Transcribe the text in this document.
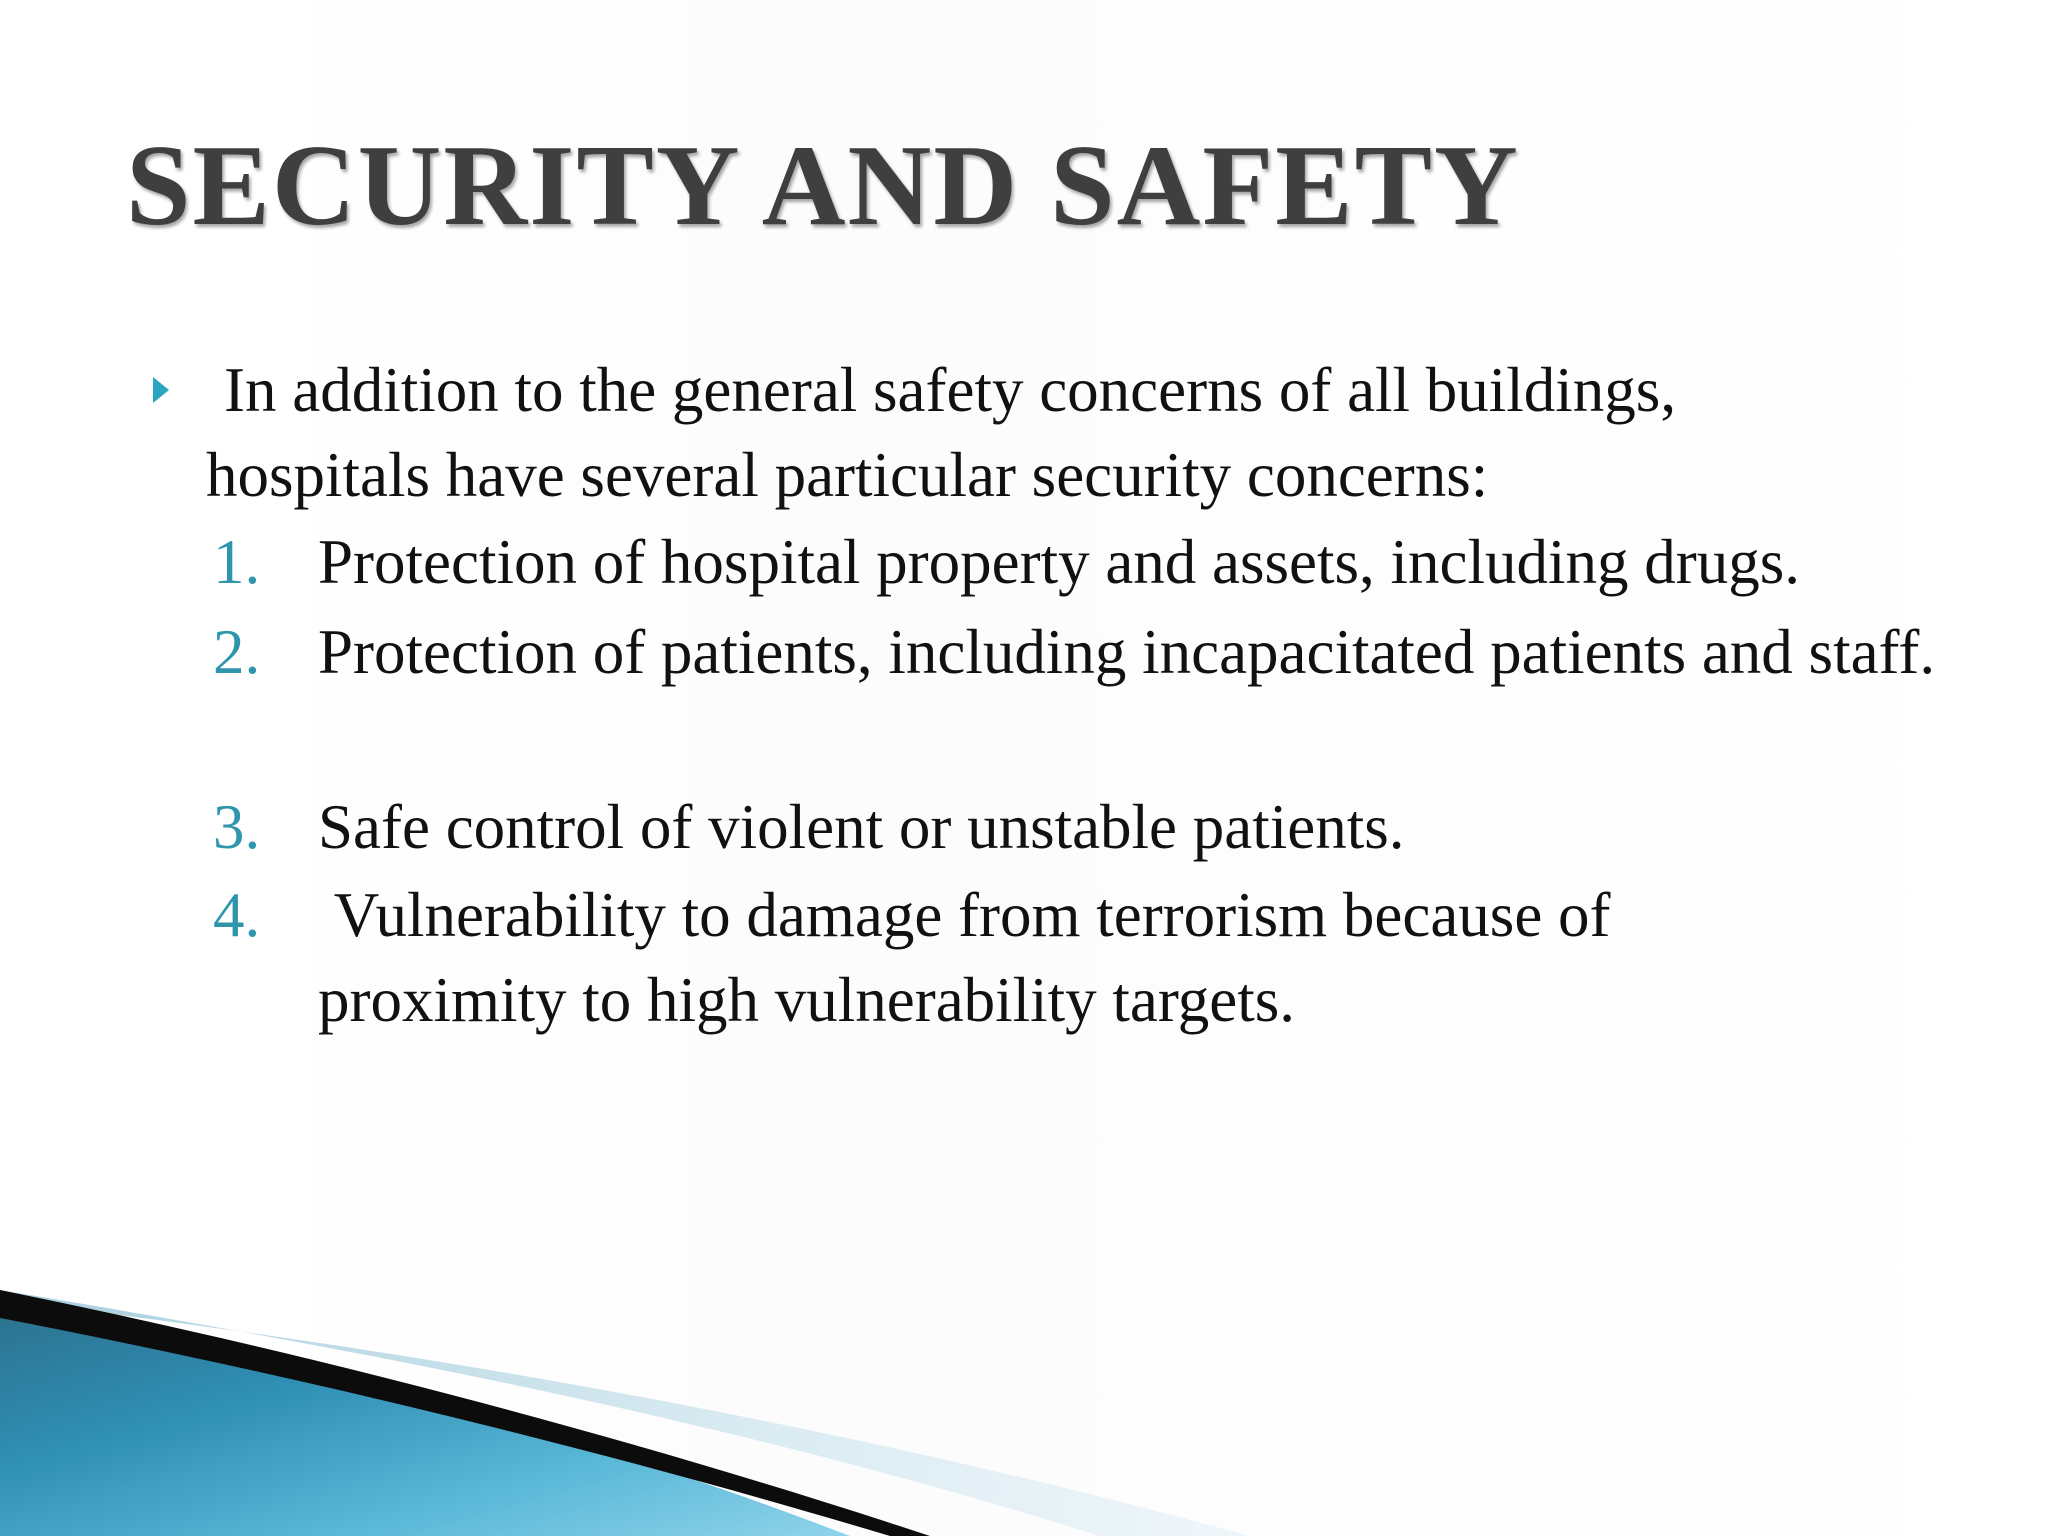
SECURITY AND SAFETY

In addition to the general safety concerns of all buildings,
hospitals have several particular security concerns:

1. Protection of hospital property and assets, including drugs.
2. Protection of patients, including incapacitated patients and staff.
3. Safe control of violent or unstable patients.
4. Vulnerability to damage from terrorism because of proximity to high vulnerability targets.
